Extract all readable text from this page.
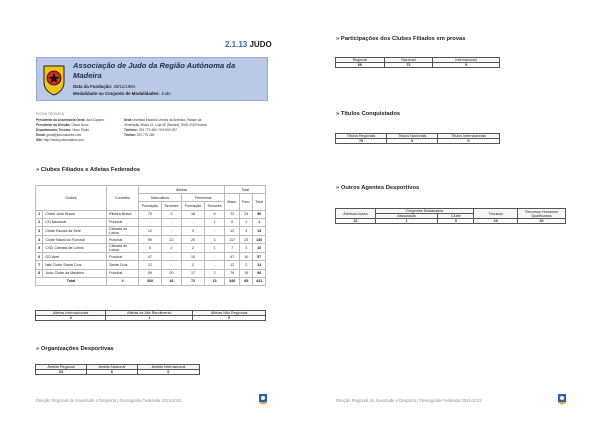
2.1.13 JUDO
Associação de Judo da Região Autónoma da Madeira
Data da Fundação: 28/11/1984
Modalidade ou Conjunto de Modalidades: Judo
FICHA TÉCNICA
Presidente da Assembleia Geral: Ana Caparro
Presidente da Direção: César Nuno
Departamento Técnico: Nuno Paulo
Email: geral@judomadeira.com
Site: http://www.judomadeira.com
Sede: Avenida Estados Unidos da América, Parque da
Veneração, Bloco 21, Loja 4E (Nazaré), 9000-015 Funchal
Telefone: 291 775 450 / 918 500 297
Telefax: 291 775 455
» Clubes Filiados e Atletas Federados
Clubes		Concelho	Atletas				Total		
			Masculinos		Femininos		Masc.	Fem.	Total
			Formação	Seniores	Formação	Seniores			
1	Clube Judo Brava	Ribeira Brava	70	2	18	6	72	24	96
2	CD Nacional	Funchal	-	-	-	1	0	1	1
3	Clube Escola da Sete	Câmara de Lobos	12	-	3	-	12	3	15
4	Clube Naval do Funchal	Funchal	95	22	20	3	117	23	140
5	CSD Câmara de Lobos	Câmara de Lobos	5	2	2	1	7	3	10
6	GD Apel	Funchal	47	-	10	-	47	10	57
7	Iate Clube Santa Cruz	Santa Cruz	12	-	2	-	12	2	14
8	Judo Clube da Madeira	Funchal	59	20	17	2	79	19	98
Total		4	300	46	72	13	346	85	431
Atletas Internacionais	Atletas de Alto Rendimento	Atletas Não Regionais
3	1	0
» Organizações Desportivas
Âmbito Regional	Âmbito Nacional	Âmbito Internacional
63	6	0
Direção Regional de Juventude e Desporto | Demografia Federada 2013-2012
» Participações dos Clubes Filiados em provas
Regional	Nacional	Internacional
69	72	5
» Títulos Conquistados
Títulos Regionais	Títulos Nacionais	Títulos Internacionais
70	9	0
» Outros Agentes Desportivos
Árbitros/Juízes	Dirigentes Destacados		Técnicos	Recursos Humanos Qualificados
	Associação	Clube		
22	1	0	20	20
Direção Regional de Juventude e Desporto | Demografia Federada 2013-2012
